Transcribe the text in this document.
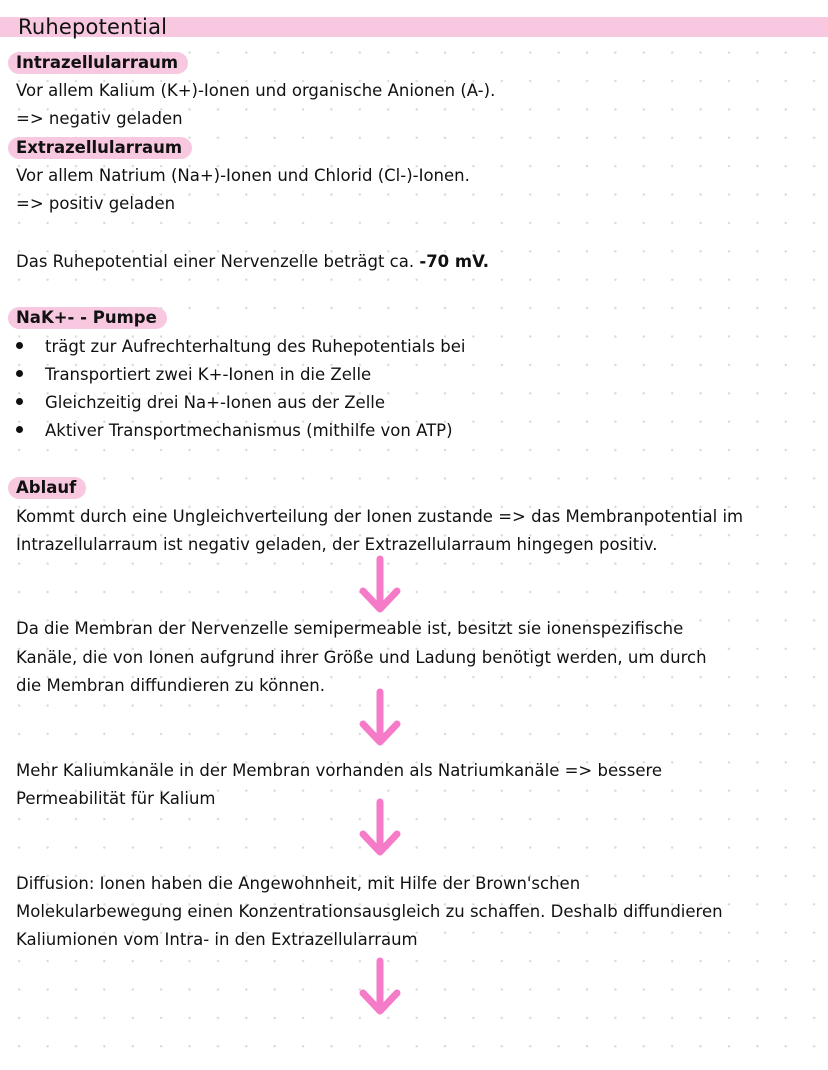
Ruhepotential
Intrazellularraum
Vor allem Kalium (K+)-Ionen und organische Anionen (A-).
=> negativ geladen
Extrazellularraum
Vor allem Natrium (Na+)-Ionen und Chlorid (Cl-)-Ionen.
=> positiv geladen
Das Ruhepotential einer Nervenzelle beträgt ca. -70 mV.
NaK+- - Pumpe
trägt zur Aufrechterhaltung des Ruhepotentials bei
Transportiert zwei K+-Ionen in die Zelle
Gleichzeitig drei Na+-Ionen aus der Zelle
Aktiver Transportmechanismus (mithilfe von ATP)
Ablauf
Kommt durch eine Ungleichverteilung der Ionen zustande => das Membranpotential im
Intrazellularraum ist negativ geladen, der Extrazellularraum hingegen positiv.
Da die Membran der Nervenzelle semipermeable ist, besitzt sie ionenspezifische
Kanäle, die von Ionen aufgrund ihrer Größe und Ladung benötigt werden, um durch
die Membran diffundieren zu können.
Mehr Kaliumkanäle in der Membran vorhanden als Natriumkanäle => bessere
Permeabilität für Kalium
Diffusion: Ionen haben die Angewohnheit, mit Hilfe der Brown'schen
Molekularbewegung einen Konzentrationsausgleich zu schaffen. Deshalb diffundieren
Kaliumionen vom Intra- in den Extrazellularraum
